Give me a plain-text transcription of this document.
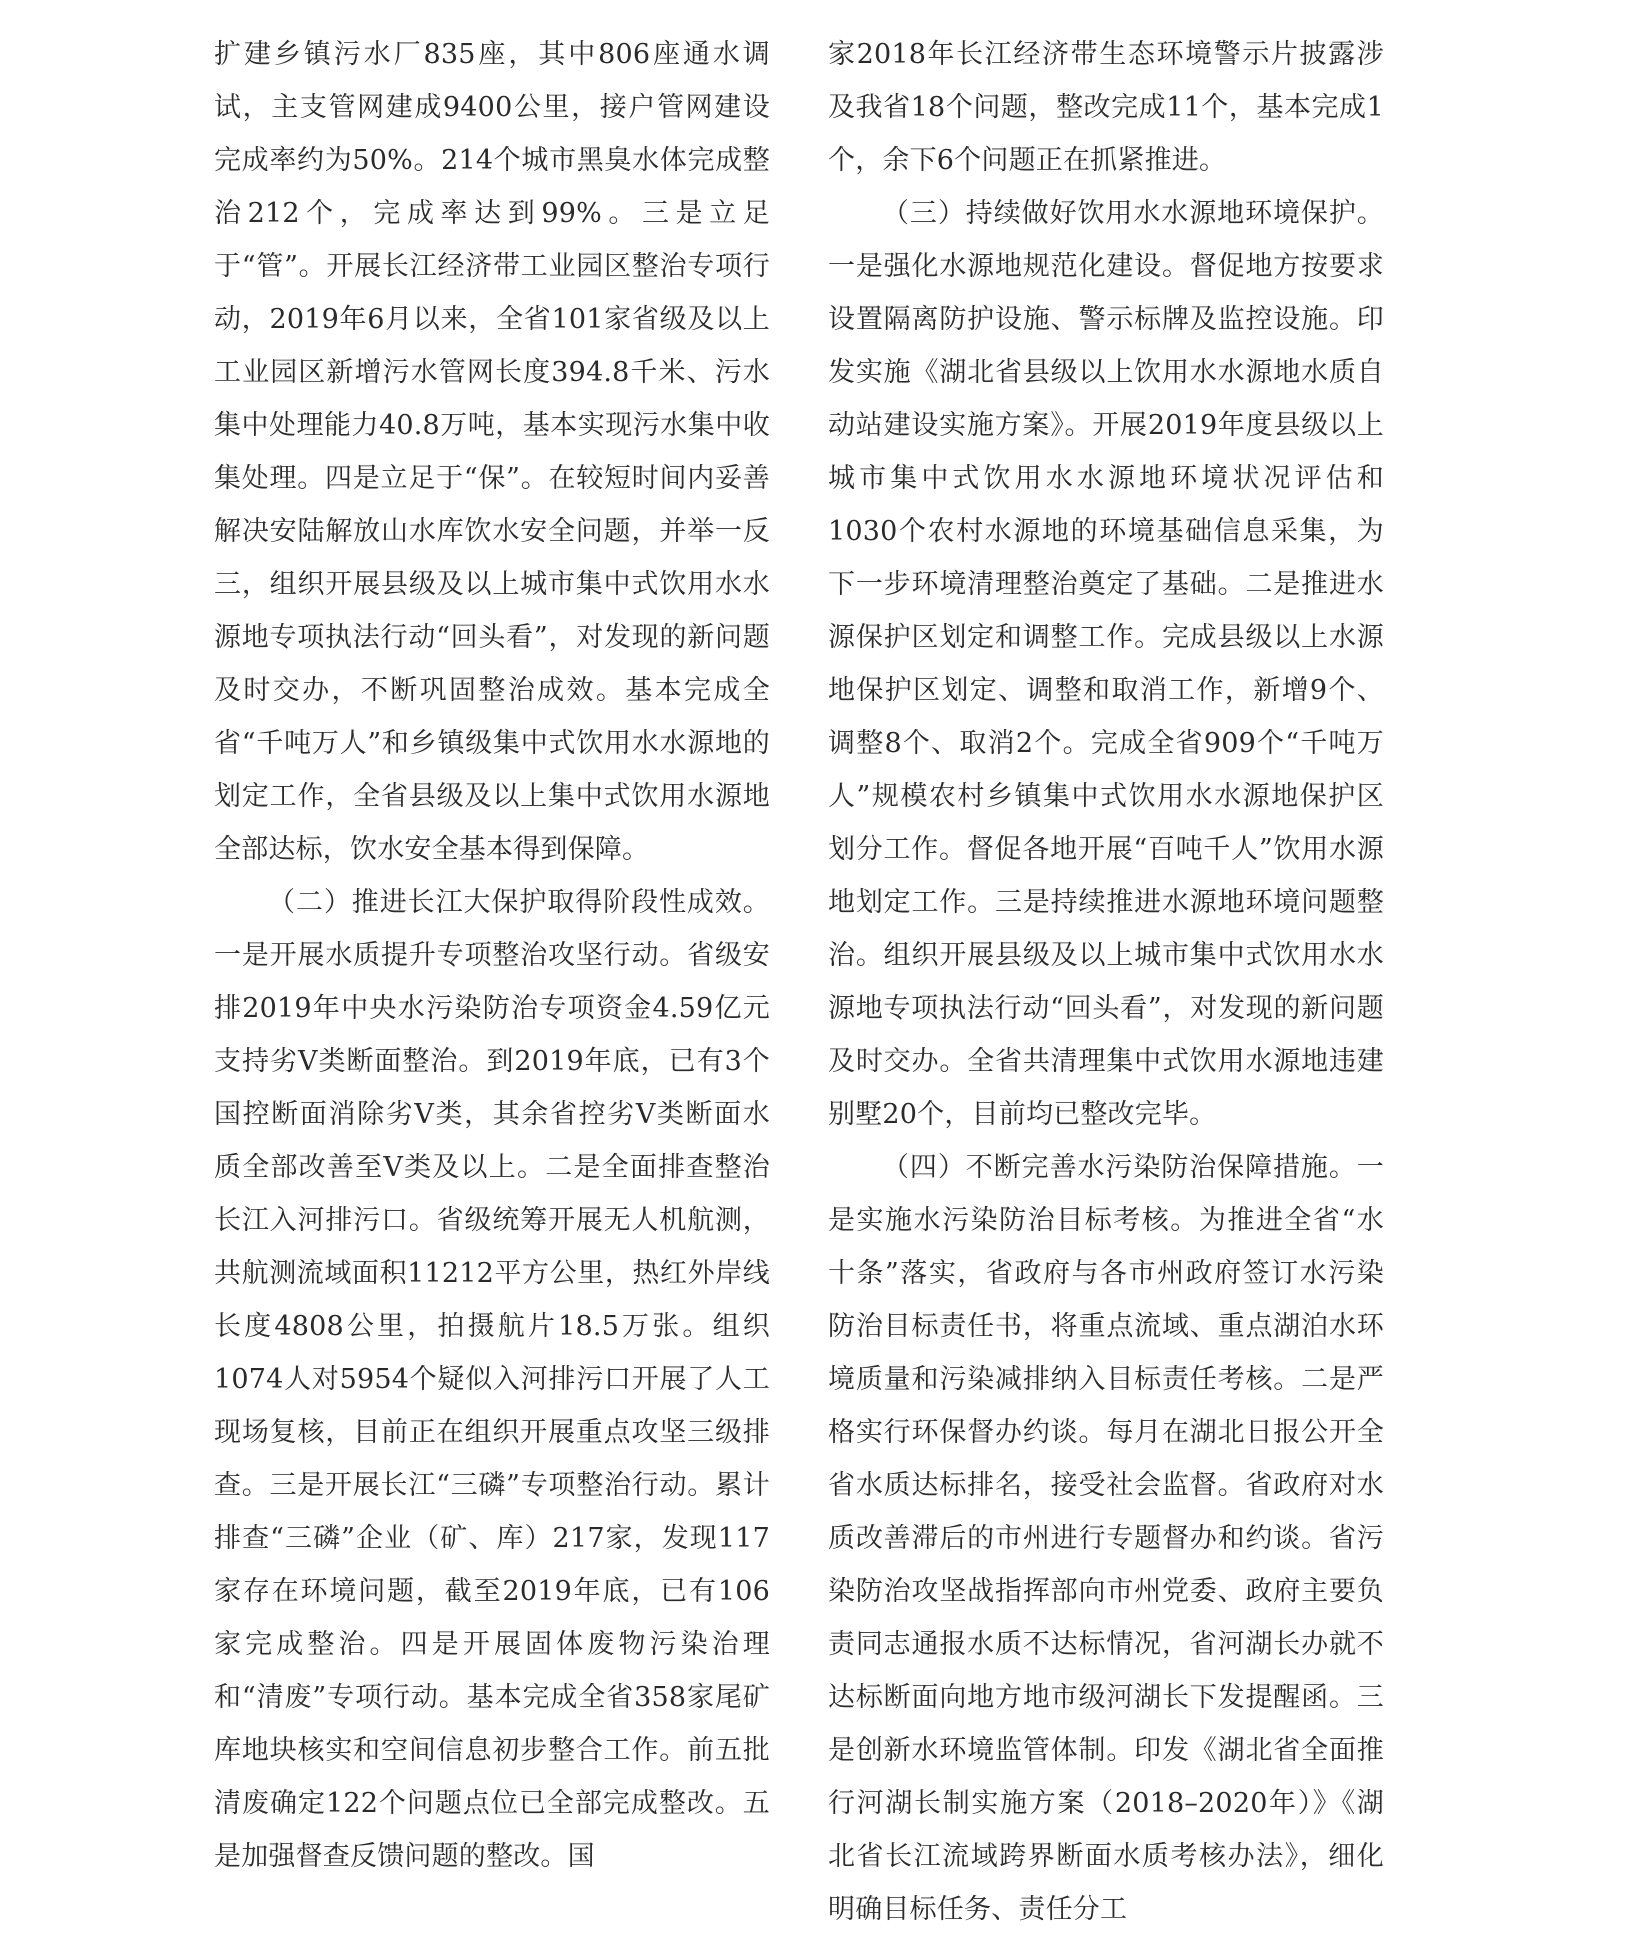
扩建乡镇污水厂835座，其中806座通水调试，主支管网建成9400公里，接户管网建设完成率约为50%。214个城市黑臭水体完成整治212个，完成率达到99%。三是立足于“管”。开展长江经济带工业园区整治专项行动，2019年6月以来，全省101家省级及以上工业园区新增污水管网长度394.8千米、污水集中处理能力40.8万吨，基本实现污水集中收集处理。四是立足于“保”。在较短时间内妥善解决安陆解放山水库饮水安全问题，并举一反三，组织开展县级及以上城市集中式饮用水水源地专项执法行动“回头看”，对发现的新问题及时交办，不断巩固整治成效。基本完成全省“千吨万人”和乡镇级集中式饮用水水源地的划定工作，全省县级及以上集中式饮用水源地全部达标，饮水安全基本得到保障。

（二）推进长江大保护取得阶段性成效。一是开展水质提升专项整治攻坚行动。省级安排2019年中央水污染防治专项资金4.59亿元支持劣Ⅴ类断面整治。到2019年底，已有3个国控断面消除劣Ⅴ类，其余省控劣Ⅴ类断面水质全部改善至Ⅴ类及以上。二是全面排查整治长江入河排污口。省级统筹开展无人机航测，共航测流域面积11212平方公里，热红外岸线长度4808公里，拍摄航片18.5万张。组织1074人对5954个疑似入河排污口开展了人工现场复核，目前正在组织开展重点攻坚三级排查。三是开展长江“三磷”专项整治行动。累计排查“三磷”企业（矿、库）217家，发现117家存在环境问题，截至2019年底，已有106家完成整治。四是开展固体废物污染治理和“清废”专项行动。基本完成全省358家尾矿库地块核实和空间信息初步整合工作。前五批清废确定122个问题点位已全部完成整改。五是加强督查反馈问题的整改。国

家2018年长江经济带生态环境警示片披露涉及我省18个问题，整改完成11个，基本完成1个，余下6个问题正在抓紧推进。

（三）持续做好饮用水水源地环境保护。一是强化水源地规范化建设。督促地方按要求设置隔离防护设施、警示标牌及监控设施。印发实施《湖北省县级以上饮用水水源地水质自动站建设实施方案》。开展2019年度县级以上城市集中式饮用水水源地环境状况评估和1030个农村水源地的环境基础信息采集，为下一步环境清理整治奠定了基础。二是推进水源保护区划定和调整工作。完成县级以上水源地保护区划定、调整和取消工作，新增9个、调整8个、取消2个。完成全省909个“千吨万人”规模农村乡镇集中式饮用水水源地保护区划分工作。督促各地开展“百吨千人”饮用水源地划定工作。三是持续推进水源地环境问题整治。组织开展县级及以上城市集中式饮用水水源地专项执法行动“回头看”，对发现的新问题及时交办。全省共清理集中式饮用水源地违建别墅20个，目前均已整改完毕。

（四）不断完善水污染防治保障措施。一是实施水污染防治目标考核。为推进全省“水十条”落实，省政府与各市州政府签订水污染防治目标责任书，将重点流域、重点湖泊水环境质量和污染减排纳入目标责任考核。二是严格实行环保督办约谈。每月在湖北日报公开全省水质达标排名，接受社会监督。省政府对水质改善滞后的市州进行专题督办和约谈。省污染防治攻坚战指挥部向市州党委、政府主要负责同志通报水质不达标情况，省河湖长办就不达标断面向地方地市级河湖长下发提醒函。三是创新水环境监管体制。印发《湖北省全面推行河湖长制实施方案（2018–2020年）》《湖北省长江流域跨界断面水质考核办法》，细化明确目标任务、责任分工
